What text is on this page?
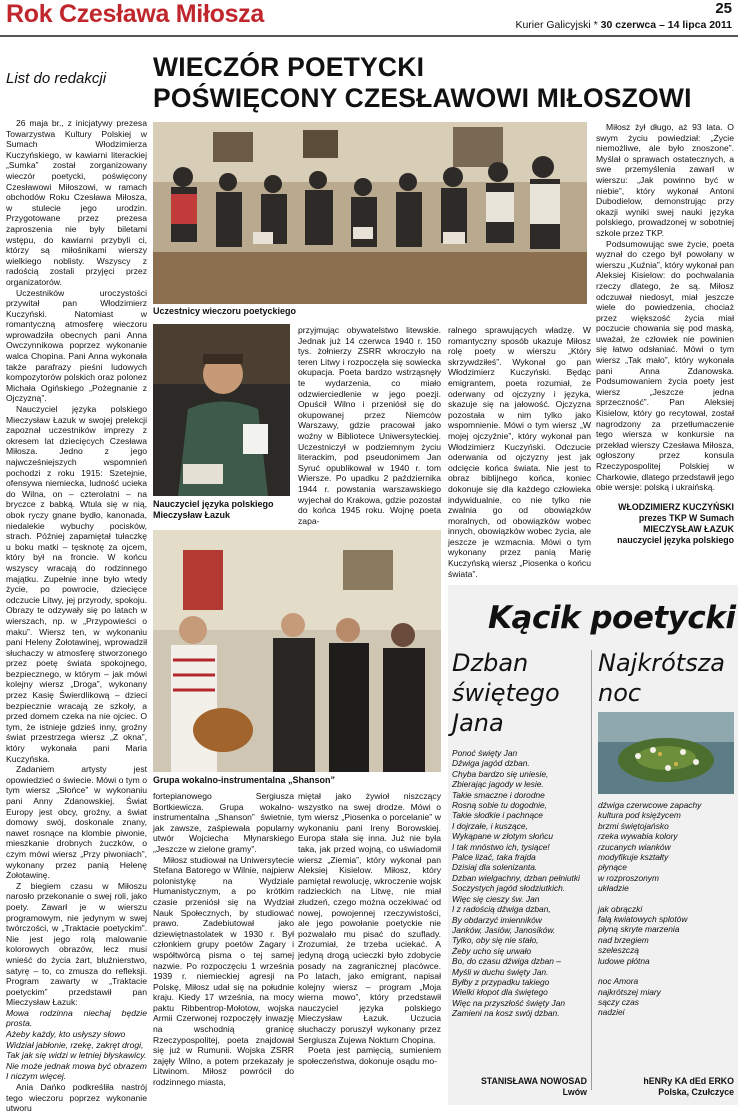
Rok Czesława Miłosza	25
Kurier Galicyjski * 30 czerwca – 14 lipca 2011
List do redakcji WIECZÓR POETYCKI
POŚWIĘCONY CZESŁAWOWI MIŁOSZOWI

26 maja br., z inicjatywy prezesa Towarzystwa Kultury Polskiej w Sumach Włodzimierza Kuczyńskiego, w kawiarni literackiej „Sumka” został zorganizowany wieczór poetycki, poświęcony Czesławowi Miłoszowi, w ramach obchodów Roku Czesława Miłosza, w stulecie jego urodzin. Przygotowane przez prezesa zaproszenia nie były biletami wstępu, do kawiarni przybyli ci, którzy są miłośnikami wierszy wielkiego noblisty. Wszyscy z radością zostali przyjęci przez organizatorów.

Uczestników uroczystości przywitał pan Włodzimierz Kuczyński. Natomiast w romantyczną atmosferę wieczoru wprowadziła obecnych pani Anna Owczynnikowa poprzez wykonanie walca Chopina. Pani Anna wykonała także parafrazy pieśni ludowych kompozytorów polskich oraz polonez Michała Ogińskiego „Pożegnanie z Ojczyzną”.

Nauczyciel języka polskiego Mieczysław Łazuk w swojej prelekcji zapoznał uczestników imprezy z okresem lat dziecięcych Czesława Miłosza. Jedno z jego najwcześniejszych wspomnień pochodzi z roku 1915: Szetejnie, ofensywa niemiecka, ludność ucieka do Wilna, on – czterolatni – na bryczce z babką. Wtula się w nią, obok ryczy gnane bydło, kanonada, niedalekie wybuchy pocisków, strach. Później zapamiętał tułaczkę u boku matki – tęsknotę za ojcem, który był na froncie. W końcu wszyscy wracają do rodzinnego majątku. Zupełnie inne było wtedy życie, po powrocie, dziecięce odczucie Litwy, jej przyrody, spokoju. Obrazy te odzywały się po latach w wierszach, np. w „Przypowieści o maku”. Wiersz ten, w wykonaniu pani Heleny Żołotawinej, wprowadził słuchaczy w atmosferę stworzonego przez poetę świata spokojnego, bezpiecznego, w którym – jak mówi kolejny wiersz „Droga”, wykonany przez Kasię Świerdlikową – dzieci bezpiecznie wracają ze szkoły, a przed domem czeka na nie ojciec. O tym, że istnieje gdzieś inny, groźny świat przestrzega wiersz „Z okna”, który wykonała pani Maria Kuczyńska.

Zadaniem artysty jest opowiedzieć o świecie. Mówi o tym o tym wiersz „Słońce” w wykonaniu pani Anny Zdanowskiej. Świat Europy jest obcy, groźny, a świat domowy swój, doskonale znany, nawet rosnące na klombie piwonie, mieszkanie drobnych żuczków, o czym mówi wiersz „Przy piwoniach”, wykonany przez panią Helenę Żołotawinę.

Z biegiem czasu w Miłoszu narosło przekonanie o swej roli, jako poety. Zawarł je w wierszu programowym, nie jedynym w swej twórczości, w „Traktacie poetyckim”. Nie jest jego rolą malowanie kolorowych obrazów, lecz musi wnieść do życia żart, bluźnierstwo, satyrę – to, co zmusza do refleksji. Program zawarty w „Traktacie poetyckim” przedstawił pan Mieczysław Łazuk:

Mowa rodzinna niechaj będzie prosta.
Ażeby każdy, kto usłyszy słowo
Widział jabłonie, rzekę, zakręt drogi,
Tak jak się widzi w letniej błyskawicy.
Nie może jednak mowa być obrazem
I niczym więcej.

Ania Dańko podkreśliła nastrój tego wieczoru poprzez wykonanie utworu

Uczestnicy wieczoru poetyckiego
Nauczyciel języka polskiego
Mieczysław Łazuk

przyjmując obywatelstwo litewskie. Jednak już 14 czerwca 1940 r. 150 tys. żołnierzy ZSRR wkroczyło na teren Litwy i rozpoczęła się sowiecka okupacja. Poeta bardzo wstrząsnęły te wydarzenia, co miało odzwierciedlenie w jego poezji. Opuścił Wilno i przeniósł się do okupowanej przez Niemców Warszawy, gdzie pracował jako woźny w Bibliotece Uniwersyteckiej. Uczestniczył w podziemnym życiu literackim, pod pseudonimem Jan Syruć opublikował w 1940 r. tom Wiersze. Po upadku 2 października 1944 r. powstania warszawskiego wyjechał do Krakowa, gdzie pozostał do końca 1945 roku. Wojnę poeta zapa-

ralnego sprawujących władzę. W romantyczny sposób ukazuje Miłosz rolę poety w wierszu „Który skrzywdziłeś”. Wykonał go pan Włodzimierz Kuczyński. Będąc emigrantem, poeta rozumiał, że oderwany od ojczyzny i języka, skazuje się na jałowość. Ojczyzna pozostała w nim tylko jako wspomnienie. Mówi o tym wiersz „W mojej ojczyźnie”, który wykonał pan Włodzimierz Kuczyński. Odczucie oderwania od ojczyzny jest jak odcięcie końca świata. Nie jest to obraz biblijnego końca, koniec dokonuje się dla każdego człowieka indywidualnie, co nie tylko nie zwalnia go od obowiązków moralnych, od obowiązków wobec innych, obowiązków wobec życia, ale jeszcze je wzmacnia. Mówi o tym wykonany przez panią Marię Kuczyńską wiersz „Piosenka o końcu świata”.

Miłosz żył długo, aż 93 lata. O swym życiu powiedział: „Życie niemożliwe, ale było znoszone”. Myślał o sprawach ostatecznych, a swe przemyślenia zawarł w wierszu: „Jak powinno być w niebie”, który wykonał Antoni Dubodielow, demonstrując przy okazji wyniki swej nauki języka polskiego, prowadzonej w sobotniej szkole przez TKP.

Podsumowując swe życie, poeta wyznał do czego był powołany w wierszu „Kuźnia”, który wykonał pan Aleksiej Kisielow: do pochwalania rzeczy dlatego, że są. Miłosz odczuwał niedosyt, miał jeszcze wiele do powiedzenia, chociaż przez większość życia miał poczucie chowania się pod maską, uważał, że człowiek nie powinien się łatwo odsłaniać. Mówi o tym wiersz „Tak mało”, który wykonała pani Anna Zdanowska. Podsumowaniem życia poety jest wiersz „Jeszcze jedna sprzeczność”. Pan Aleksiej Kisielow, który go recytował, został nagrodzony za przetłumaczenie tego wiersza w konkursie na przekład wierszy Czesława Miłosza, ogłoszony przez konsula Rzeczypospolitej Polskiej w Charkowie, dlatego przedstawił jego obie wersje: polską i ukraińską.

WŁODZIMIERZ KUCZYŃSKI
prezes TKP W Sumach
MIECZYSŁAW ŁAZUK
nauczyciel języka polskiego
Grupa wokalno-instrumentalna „Shanson”

fortepianowego Sergiusza Bortkiewicza. Grupa wokalno-instrumentalna „Shanson” świetnie, jak zawsze, zaśpiewała popularny utwór Wojciecha Młynarskiego „Jeszcze w zielone gramy”.

Miłosz studiował na Uniwersytecie Stefana Batorego w Wilnie, najpierw polonistykę na Wydziale Humanistycznym, a po krótkim czasie przeniósł się na Wydział Nauk Społecznych, by studiować prawo. Zadebiutował jako dziewiętnastolatek w 1930 r. Był członkiem grupy poetów Żagary i współtwórcą pisma o tej samej nazwie. Po rozpoczęciu 1 września 1939 r. niemieckiej agresji na Polskę, Miłosz udał się na południe kraju. Kiedy 17 września, na mocy paktu Ribbentrop-Mołotow, wojska Armii Czerwonej rozpoczęły inwazję na wschodnią granicę Rzeczypospolitej, poeta znajdował się już w Rumunii. Wojska ZSRR zajęły Wilno, a potem przekazały je Litwinom. Miłosz powrócił do rodzinnego miasta,

miętał jako żywioł niszczący wszystko na swej drodze. Mówi o tym wiersz „Piosenka o porcelanie” w wykonaniu pani Ireny Borowskiej. Europa stała się inna. Już nie była taka, jak przed wojną, co uświadomił wiersz „Ziemia”, który wykonał pan Aleksiej Kisielow. Miłosz, który pamiętał rewolucję, wkroczenie wojsk radzieckich na Litwę, nie miał złudzeń, czego można oczekiwać od nowej, powojennej rzeczywistości, ale jego powołanie poetyckie nie pozwalało mu pisać do szuflady. Zrozumiał, że trzeba uciekać. A jedyną drogą ucieczki było zdobycie posady na zagranicznej placówce. Po latach, jako emigrant, napisał kolejny wiersz – program „Moja wierna mowo”, który przedstawił nauczyciel języka polskiego Mieczysław Łazuk. Uczucia słuchaczy poruszył wykonany przez Sergiusza Zujewa Nokturn Chopina.

Poeta jest pamięcią, sumieniem społeczeństwa, dokonuje osądu mo-

Kącik poetycki
Dzban
świętego
Jana
Ponoć święty Jan
Dźwiga jagód dzban.
Chyba bardzo się uniesie,
Zbierając jagody w lesie.
Takie smaczne i dorodne
Rosną sobie tu dogodnie,
Takie słodkie i pachnące
I dojrzałe, i kuszące,
Wykąpane w złotym słońcu
I tak mnóstwo ich, tysiące!
Palce lizać, taka frajda
Dzisiaj dla solenizanta.
Dzban wielgachny, dzban pełniutki
Soczystych jagód słodziutkich.
Więc się cieszy św. Jan
I z radością dźwiga dzban,
By obdarzyć imienników
Janków, Jasiów, Janosików.
Tylko, oby się nie stało,
Żeby ucho się urwało
Bo, do czasu dźwiga dzban –
Myśli w duchu święty Jan.
Byłby z przypadku takiego
Wielki kłopot dla świętego
Więc na przyszłość święty Jan
Zamieni na kosz swój dzban.
STANISŁAWA NOWOSAD
Lwów
Najkrótsza
noc
dźwiga czerwcowe zapachy
kultura pod księżycem
brzmi świętojańsko
rzeka wywabia kolory
rzucanych wianków
modyfikuje kształty
płynące
w rozproszonym
układzie
jak obrączki
falą kwiatowych splotów
płyną skryte marzenia
nad brzegiem
szeleszczą
ludowe płótna
noc Amora
najkrótszej miary
sączy czas
nadziei
hENRy KA dEd ERKO
Polska, Czułczyce
